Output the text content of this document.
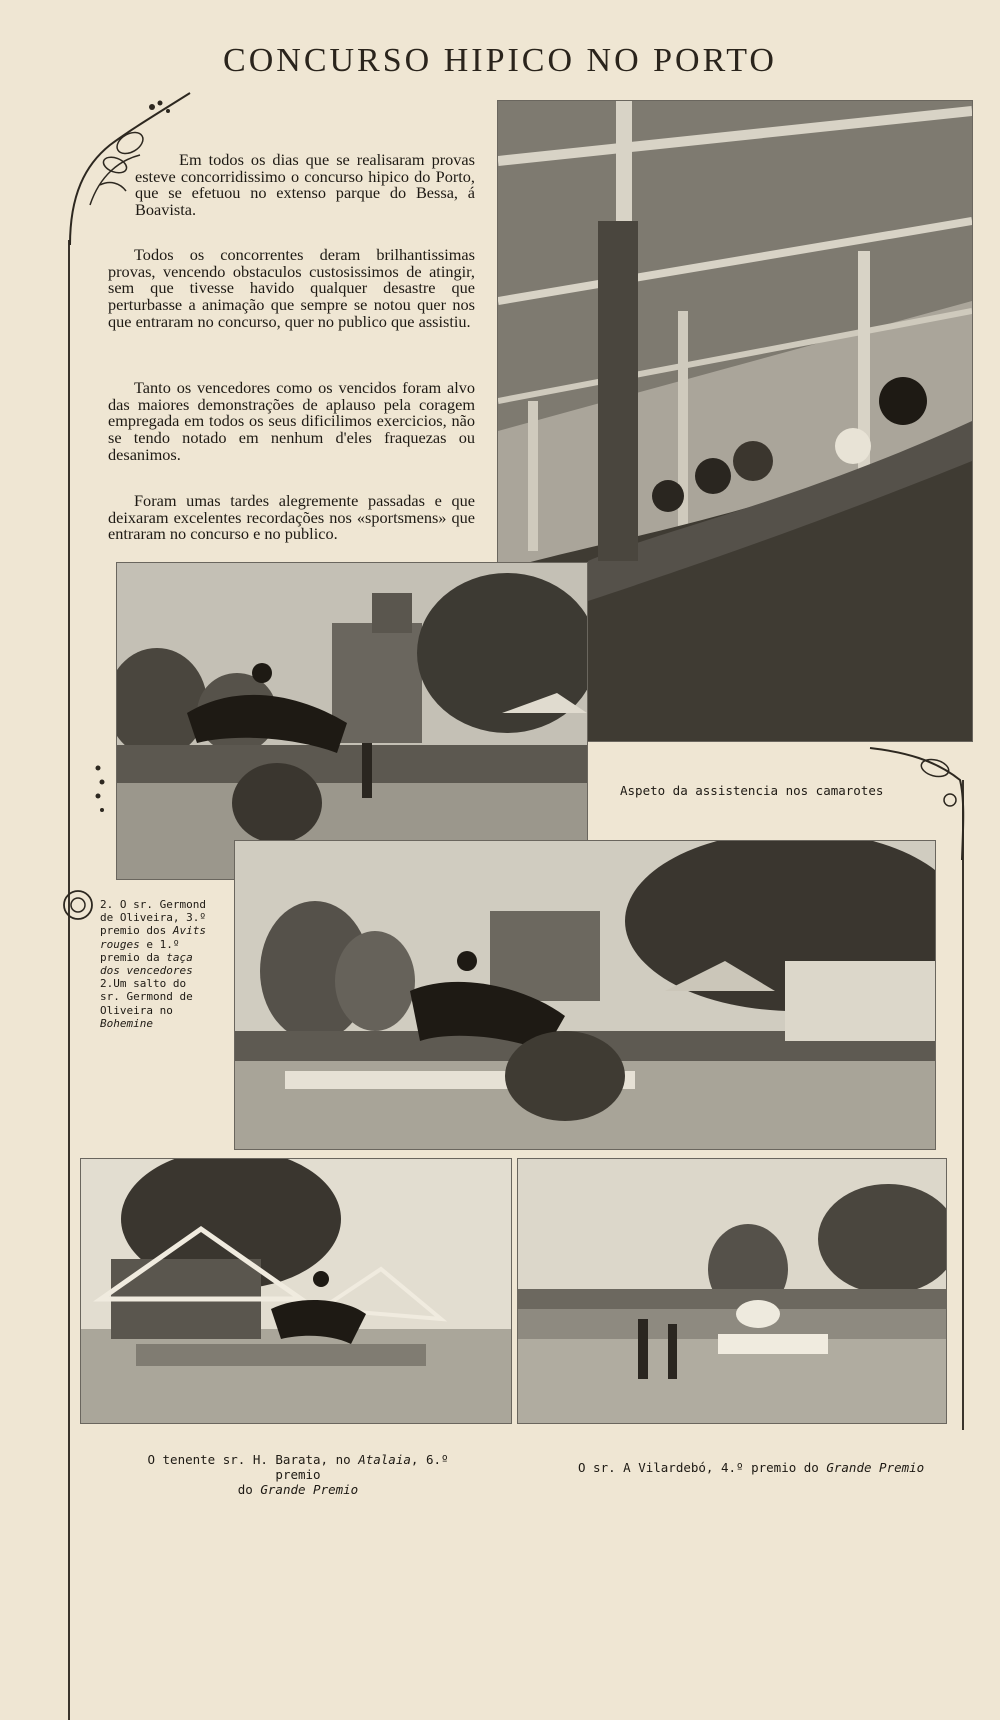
CONCURSO HIPICO NO PORTO

Em todos os dias que se realisaram provas esteve concorridissimo o concurso hipico do Porto, que se efetuou no extenso parque do Bessa, á Boavista.

Todos os concorrentes deram brilhantissimas provas, vencendo obstaculos custosissimos de atingir, sem que tivesse havido qualquer desastre que perturbasse a animação que sempre se notou quer nos que entraram no concurso, quer no publico que assistiu.

Tanto os vencedores como os vencidos foram alvo das maiores demonstrações de aplauso pela coragem empregada em todos os seus dificilimos exercicios, não se tendo notado em nenhum d'eles fraquezas ou desanimos.

Foram umas tardes alegremente passadas e que deixaram excelentes recordações nos «sportsmens» que entraram no concurso e no publico.

Aspeto da assistencia nos camarotes

2. O sr. Germond de Oliveira, 3.º premio dos Avits rouges e 1.º premio da taça dos vencedores

2.Um salto do sr. Germond de Oliveira no Bohemine

O tenente sr. H. Barata, no Atalaia, 6.º premio
do Grande Premio
O sr. A Vilardebó, 4.º premio do Grande Premio
